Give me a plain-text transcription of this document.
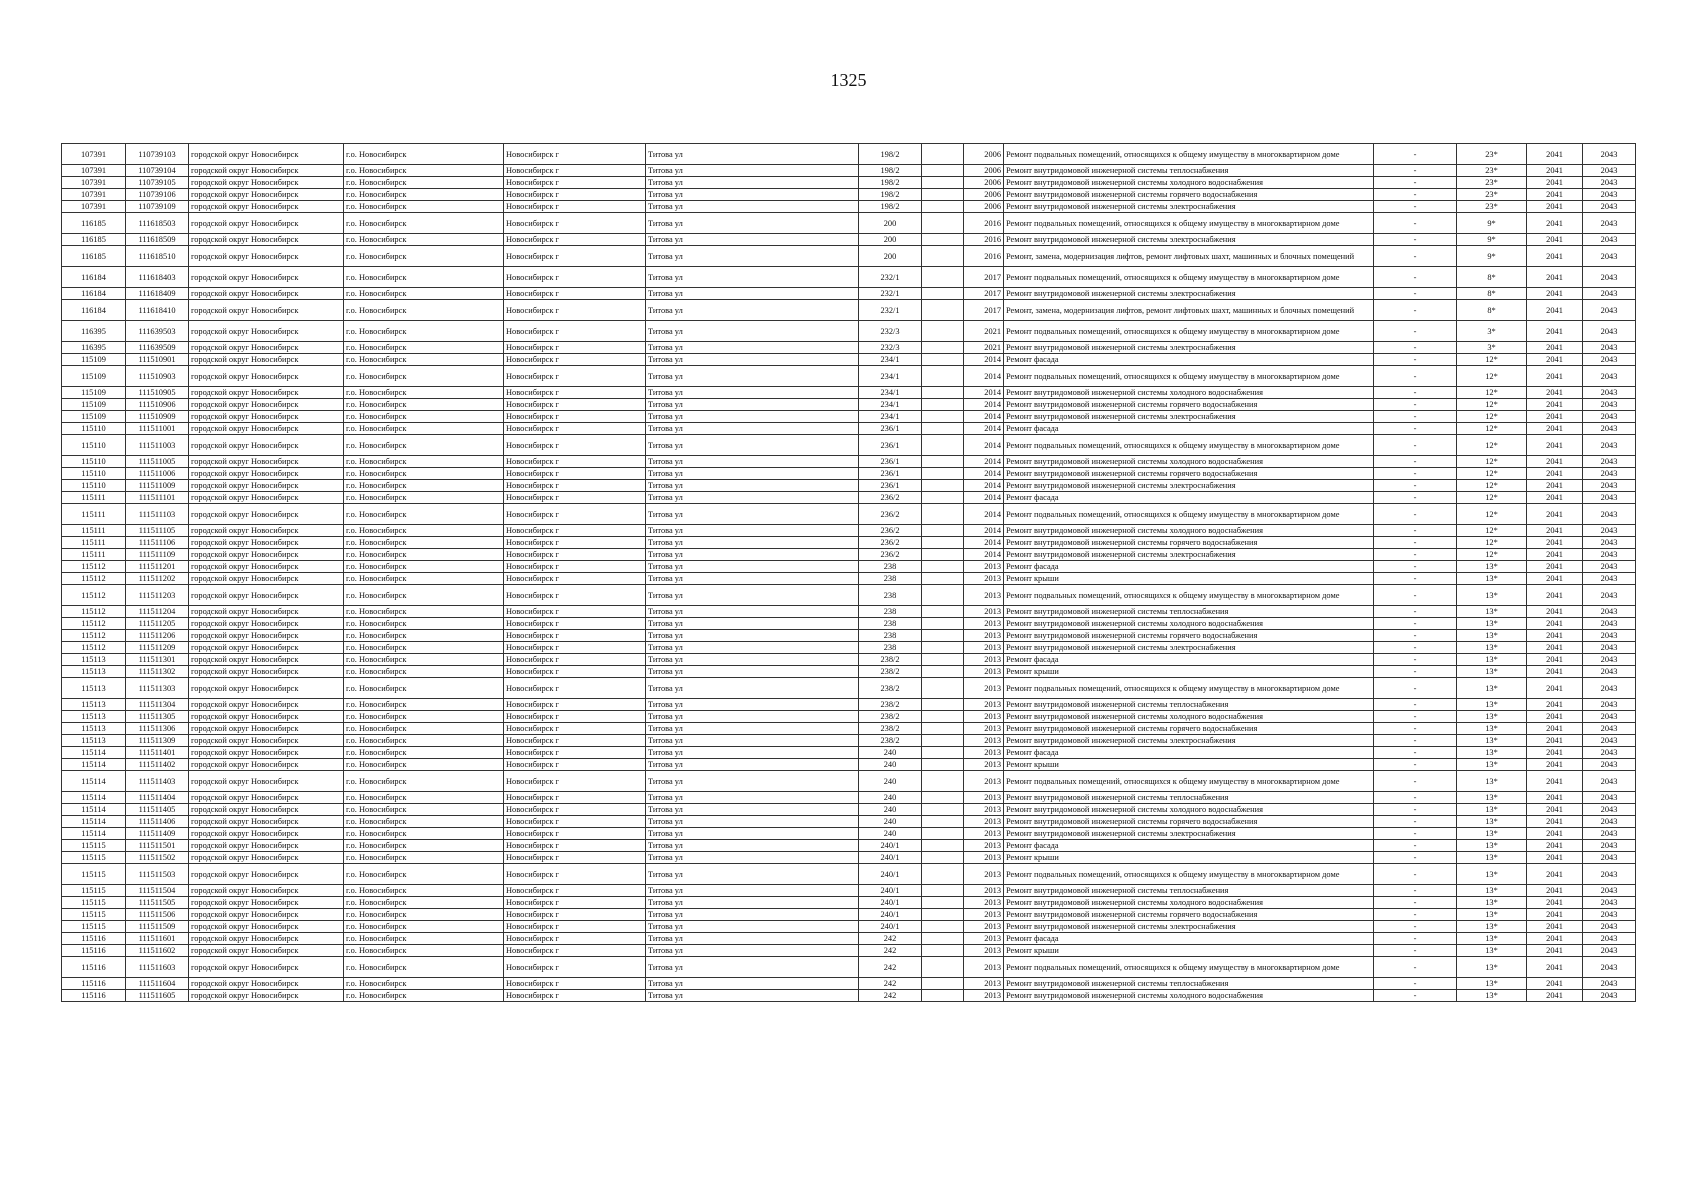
1325
107391	110739103	городской округ Новосибирск	г.о. Новосибирск	Новосибирск г	Титова ул	198/2		2006	Ремонт подвальных помещений, относящихся к общему имуществу в многоквартирном доме	-	23*	2041	2043
107391	110739104	городской округ Новосибирск	г.о. Новосибирск	Новосибирск г	Титова ул	198/2		2006	Ремонт внутридомовой инженерной системы теплоснабжения	-	23*	2041	2043
107391	110739105	городской округ Новосибирск	г.о. Новосибирск	Новосибирск г	Титова ул	198/2		2006	Ремонт внутридомовой инженерной системы холодного водоснабжения	-	23*	2041	2043
107391	110739106	городской округ Новосибирск	г.о. Новосибирск	Новосибирск г	Титова ул	198/2		2006	Ремонт внутридомовой инженерной системы горячего водоснабжения	-	23*	2041	2043
107391	110739109	городской округ Новосибирск	г.о. Новосибирск	Новосибирск г	Титова ул	198/2		2006	Ремонт внутридомовой инженерной системы электроснабжения	-	23*	2041	2043
116185	111618503	городской округ Новосибирск	г.о. Новосибирск	Новосибирск г	Титова ул	200		2016	Ремонт подвальных помещений, относящихся к общему имуществу в многоквартирном доме	-	9*	2041	2043
116185	111618509	городской округ Новосибирск	г.о. Новосибирск	Новосибирск г	Титова ул	200		2016	Ремонт внутридомовой инженерной системы электроснабжения	-	9*	2041	2043
116185	111618510	городской округ Новосибирск	г.о. Новосибирск	Новосибирск г	Титова ул	200		2016	Ремонт, замена, модернизация лифтов, ремонт лифтовых шахт, машинных и блочных помещений	-	9*	2041	2043
116184	111618403	городской округ Новосибирск	г.о. Новосибирск	Новосибирск г	Титова ул	232/1		2017	Ремонт подвальных помещений, относящихся к общему имуществу в многоквартирном доме	-	8*	2041	2043
116184	111618409	городской округ Новосибирск	г.о. Новосибирск	Новосибирск г	Титова ул	232/1		2017	Ремонт внутридомовой инженерной системы электроснабжения	-	8*	2041	2043
116184	111618410	городской округ Новосибирск	г.о. Новосибирск	Новосибирск г	Титова ул	232/1		2017	Ремонт, замена, модернизация лифтов, ремонт лифтовых шахт, машинных и блочных помещений	-	8*	2041	2043
116395	111639503	городской округ Новосибирск	г.о. Новосибирск	Новосибирск г	Титова ул	232/3		2021	Ремонт подвальных помещений, относящихся к общему имуществу в многоквартирном доме	-	3*	2041	2043
116395	111639509	городской округ Новосибирск	г.о. Новосибирск	Новосибирск г	Титова ул	232/3		2021	Ремонт внутридомовой инженерной системы электроснабжения	-	3*	2041	2043
115109	111510901	городской округ Новосибирск	г.о. Новосибирск	Новосибирск г	Титова ул	234/1		2014	Ремонт фасада	-	12*	2041	2043
115109	111510903	городской округ Новосибирск	г.о. Новосибирск	Новосибирск г	Титова ул	234/1		2014	Ремонт подвальных помещений, относящихся к общему имуществу в многоквартирном доме	-	12*	2041	2043
115109	111510905	городской округ Новосибирск	г.о. Новосибирск	Новосибирск г	Титова ул	234/1		2014	Ремонт внутридомовой инженерной системы холодного водоснабжения	-	12*	2041	2043
115109	111510906	городской округ Новосибирск	г.о. Новосибирск	Новосибирск г	Титова ул	234/1		2014	Ремонт внутридомовой инженерной системы горячего водоснабжения	-	12*	2041	2043
115109	111510909	городской округ Новосибирск	г.о. Новосибирск	Новосибирск г	Титова ул	234/1		2014	Ремонт внутридомовой инженерной системы электроснабжения	-	12*	2041	2043
115110	111511001	городской округ Новосибирск	г.о. Новосибирск	Новосибирск г	Титова ул	236/1		2014	Ремонт фасада	-	12*	2041	2043
115110	111511003	городской округ Новосибирск	г.о. Новосибирск	Новосибирск г	Титова ул	236/1		2014	Ремонт подвальных помещений, относящихся к общему имуществу в многоквартирном доме	-	12*	2041	2043
115110	111511005	городской округ Новосибирск	г.о. Новосибирск	Новосибирск г	Титова ул	236/1		2014	Ремонт внутридомовой инженерной системы холодного водоснабжения	-	12*	2041	2043
115110	111511006	городской округ Новосибирск	г.о. Новосибирск	Новосибирск г	Титова ул	236/1		2014	Ремонт внутридомовой инженерной системы горячего водоснабжения	-	12*	2041	2043
115110	111511009	городской округ Новосибирск	г.о. Новосибирск	Новосибирск г	Титова ул	236/1		2014	Ремонт внутридомовой инженерной системы электроснабжения	-	12*	2041	2043
115111	111511101	городской округ Новосибирск	г.о. Новосибирск	Новосибирск г	Титова ул	236/2		2014	Ремонт фасада	-	12*	2041	2043
115111	111511103	городской округ Новосибирск	г.о. Новосибирск	Новосибирск г	Титова ул	236/2		2014	Ремонт подвальных помещений, относящихся к общему имуществу в многоквартирном доме	-	12*	2041	2043
115111	111511105	городской округ Новосибирск	г.о. Новосибирск	Новосибирск г	Титова ул	236/2		2014	Ремонт внутридомовой инженерной системы холодного водоснабжения	-	12*	2041	2043
115111	111511106	городской округ Новосибирск	г.о. Новосибирск	Новосибирск г	Титова ул	236/2		2014	Ремонт внутридомовой инженерной системы горячего водоснабжения	-	12*	2041	2043
115111	111511109	городской округ Новосибирск	г.о. Новосибирск	Новосибирск г	Титова ул	236/2		2014	Ремонт внутридомовой инженерной системы электроснабжения	-	12*	2041	2043
115112	111511201	городской округ Новосибирск	г.о. Новосибирск	Новосибирск г	Титова ул	238		2013	Ремонт фасада	-	13*	2041	2043
115112	111511202	городской округ Новосибирск	г.о. Новосибирск	Новосибирск г	Титова ул	238		2013	Ремонт крыши	-	13*	2041	2043
115112	111511203	городской округ Новосибирск	г.о. Новосибирск	Новосибирск г	Титова ул	238		2013	Ремонт подвальных помещений, относящихся к общему имуществу в многоквартирном доме	-	13*	2041	2043
115112	111511204	городской округ Новосибирск	г.о. Новосибирск	Новосибирск г	Титова ул	238		2013	Ремонт внутридомовой инженерной системы теплоснабжения	-	13*	2041	2043
115112	111511205	городской округ Новосибирск	г.о. Новосибирск	Новосибирск г	Титова ул	238		2013	Ремонт внутридомовой инженерной системы холодного водоснабжения	-	13*	2041	2043
115112	111511206	городской округ Новосибирск	г.о. Новосибирск	Новосибирск г	Титова ул	238		2013	Ремонт внутридомовой инженерной системы горячего водоснабжения	-	13*	2041	2043
115112	111511209	городской округ Новосибирск	г.о. Новосибирск	Новосибирск г	Титова ул	238		2013	Ремонт внутридомовой инженерной системы электроснабжения	-	13*	2041	2043
115113	111511301	городской округ Новосибирск	г.о. Новосибирск	Новосибирск г	Титова ул	238/2		2013	Ремонт фасада	-	13*	2041	2043
115113	111511302	городской округ Новосибирск	г.о. Новосибирск	Новосибирск г	Титова ул	238/2		2013	Ремонт крыши	-	13*	2041	2043
115113	111511303	городской округ Новосибирск	г.о. Новосибирск	Новосибирск г	Титова ул	238/2		2013	Ремонт подвальных помещений, относящихся к общему имуществу в многоквартирном доме	-	13*	2041	2043
115113	111511304	городской округ Новосибирск	г.о. Новосибирск	Новосибирск г	Титова ул	238/2		2013	Ремонт внутридомовой инженерной системы теплоснабжения	-	13*	2041	2043
115113	111511305	городской округ Новосибирск	г.о. Новосибирск	Новосибирск г	Титова ул	238/2		2013	Ремонт внутридомовой инженерной системы холодного водоснабжения	-	13*	2041	2043
115113	111511306	городской округ Новосибирск	г.о. Новосибирск	Новосибирск г	Титова ул	238/2		2013	Ремонт внутридомовой инженерной системы горячего водоснабжения	-	13*	2041	2043
115113	111511309	городской округ Новосибирск	г.о. Новосибирск	Новосибирск г	Титова ул	238/2		2013	Ремонт внутридомовой инженерной системы электроснабжения	-	13*	2041	2043
115114	111511401	городской округ Новосибирск	г.о. Новосибирск	Новосибирск г	Титова ул	240		2013	Ремонт фасада	-	13*	2041	2043
115114	111511402	городской округ Новосибирск	г.о. Новосибирск	Новосибирск г	Титова ул	240		2013	Ремонт крыши	-	13*	2041	2043
115114	111511403	городской округ Новосибирск	г.о. Новосибирск	Новосибирск г	Титова ул	240		2013	Ремонт подвальных помещений, относящихся к общему имуществу в многоквартирном доме	-	13*	2041	2043
115114	111511404	городской округ Новосибирск	г.о. Новосибирск	Новосибирск г	Титова ул	240		2013	Ремонт внутридомовой инженерной системы теплоснабжения	-	13*	2041	2043
115114	111511405	городской округ Новосибирск	г.о. Новосибирск	Новосибирск г	Титова ул	240		2013	Ремонт внутридомовой инженерной системы холодного водоснабжения	-	13*	2041	2043
115114	111511406	городской округ Новосибирск	г.о. Новосибирск	Новосибирск г	Титова ул	240		2013	Ремонт внутридомовой инженерной системы горячего водоснабжения	-	13*	2041	2043
115114	111511409	городской округ Новосибирск	г.о. Новосибирск	Новосибирск г	Титова ул	240		2013	Ремонт внутридомовой инженерной системы электроснабжения	-	13*	2041	2043
115115	111511501	городской округ Новосибирск	г.о. Новосибирск	Новосибирск г	Титова ул	240/1		2013	Ремонт фасада	-	13*	2041	2043
115115	111511502	городской округ Новосибирск	г.о. Новосибирск	Новосибирск г	Титова ул	240/1		2013	Ремонт крыши	-	13*	2041	2043
115115	111511503	городской округ Новосибирск	г.о. Новосибирск	Новосибирск г	Титова ул	240/1		2013	Ремонт подвальных помещений, относящихся к общему имуществу в многоквартирном доме	-	13*	2041	2043
115115	111511504	городской округ Новосибирск	г.о. Новосибирск	Новосибирск г	Титова ул	240/1		2013	Ремонт внутридомовой инженерной системы теплоснабжения	-	13*	2041	2043
115115	111511505	городской округ Новосибирск	г.о. Новосибирск	Новосибирск г	Титова ул	240/1		2013	Ремонт внутридомовой инженерной системы холодного водоснабжения	-	13*	2041	2043
115115	111511506	городской округ Новосибирск	г.о. Новосибирск	Новосибирск г	Титова ул	240/1		2013	Ремонт внутридомовой инженерной системы горячего водоснабжения	-	13*	2041	2043
115115	111511509	городской округ Новосибирск	г.о. Новосибирск	Новосибирск г	Титова ул	240/1		2013	Ремонт внутридомовой инженерной системы электроснабжения	-	13*	2041	2043
115116	111511601	городской округ Новосибирск	г.о. Новосибирск	Новосибирск г	Титова ул	242		2013	Ремонт фасада	-	13*	2041	2043
115116	111511602	городской округ Новосибирск	г.о. Новосибирск	Новосибирск г	Титова ул	242		2013	Ремонт крыши	-	13*	2041	2043
115116	111511603	городской округ Новосибирск	г.о. Новосибирск	Новосибирск г	Титова ул	242		2013	Ремонт подвальных помещений, относящихся к общему имуществу в многоквартирном доме	-	13*	2041	2043
115116	111511604	городской округ Новосибирск	г.о. Новосибирск	Новосибирск г	Титова ул	242		2013	Ремонт внутридомовой инженерной системы теплоснабжения	-	13*	2041	2043
115116	111511605	городской округ Новосибирск	г.о. Новосибирск	Новосибирск г	Титова ул	242		2013	Ремонт внутридомовой инженерной системы холодного водоснабжения	-	13*	2041	2043
